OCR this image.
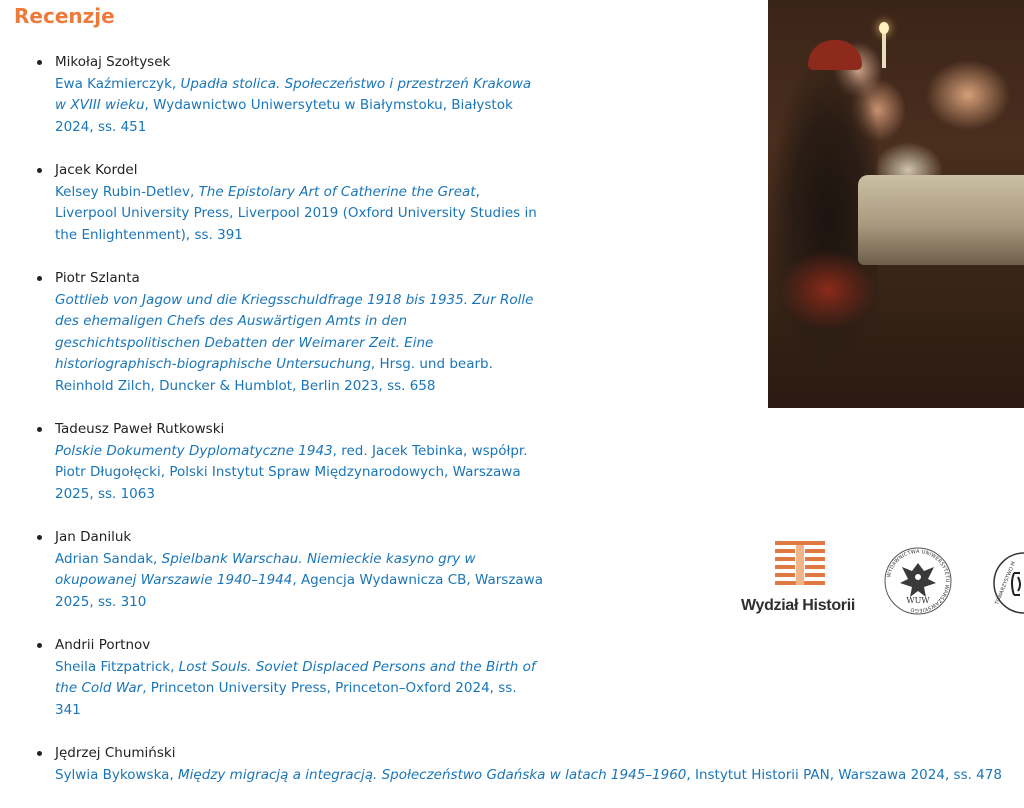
Recenzje
Mikołaj Szołtysek
Ewa Kaźmierczyk, Upadła stolica. Społeczeństwo i przestrzeń Krakowa w XVIII wieku, Wydawnictwo Uniwersytetu w Białymstoku, Białystok 2024, ss. 451
Jacek Kordel
Kelsey Rubin-Detlev, The Epistolary Art of Catherine the Great, Liverpool University Press, Liverpool 2019 (Oxford University Studies in the Enlightenment), ss. 391
Piotr Szlanta
Gottlieb von Jagow und die Kriegsschuldfrage 1918 bis 1935. Zur Rolle des ehemaligen Chefs des Auswärtigen Amts in den geschichtspolitischen Debatten der Weimarer Zeit. Eine historiographisch-biographische Untersuchung, Hrsg. und bearb. Reinhold Zilch, Duncker & Humblot, Berlin 2023, ss. 658
Tadeusz Paweł Rutkowski
Polskie Dokumenty Dyplomatyczne 1943, red. Jacek Tebinka, współpr. Piotr Długołęcki, Polski Instytut Spraw Międzynarodowych, Warszawa 2025, ss. 1063
Jan Daniluk
Adrian Sandak, Spielbank Warschau. Niemieckie kasyno gry w okupowanej Warszawie 1940–1944, Agencja Wydawnicza CB, Warszawa 2025, ss. 310
Andrii Portnov
Sheila Fitzpatrick, Lost Souls. Soviet Displaced Persons and the Birth of the Cold War, Princeton University Press, Princeton–Oxford 2024, ss. 341
Jędrzej Chumiński
Sylwia Bykowska, Między migracją a integracją. Społeczeństwo Gdańska w latach 1945–1960, Instytut Historii PAN, Warszawa 2024, ss. 478
Wydział Historii
WYDAWNICTWA UNIWERSYTETU WARSZAWSKIEGO
WUW	TOWARZYSTWO M
